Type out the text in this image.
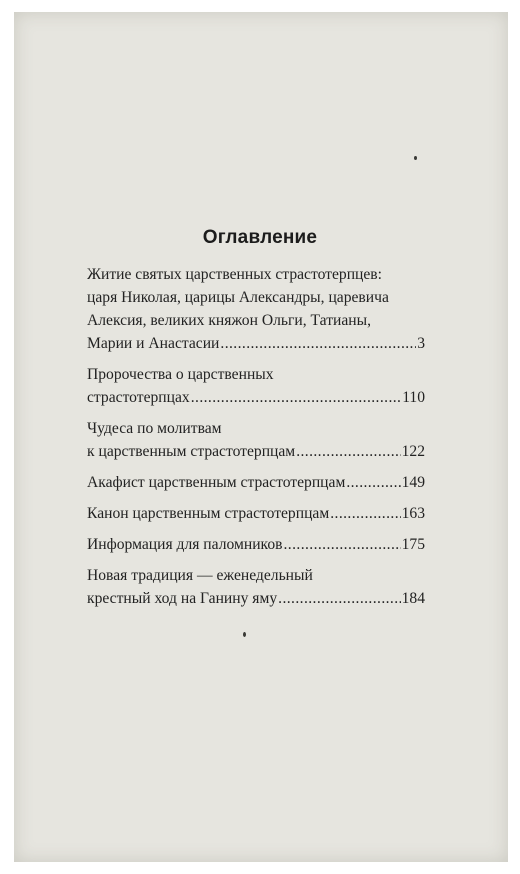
Оглавление
Житие святых царственных страстотерпцев:
царя Николая, царицы Александры, царевича
Алексия, великих княжон Ольги, Татианы,
Марии и Анастасии .....	3
Пророчества о царственных
страстотерпцах .....	110
Чудеса по молитвам
к царственным страстотерпцам .....	122
Акафист царственным страстотерпцам .....	149
Канон царственным страстотерпцам .....	163
Информация для паломников .....	175
Новая традиция — еженедельный
крестный ход на Ганину яму .....	184
